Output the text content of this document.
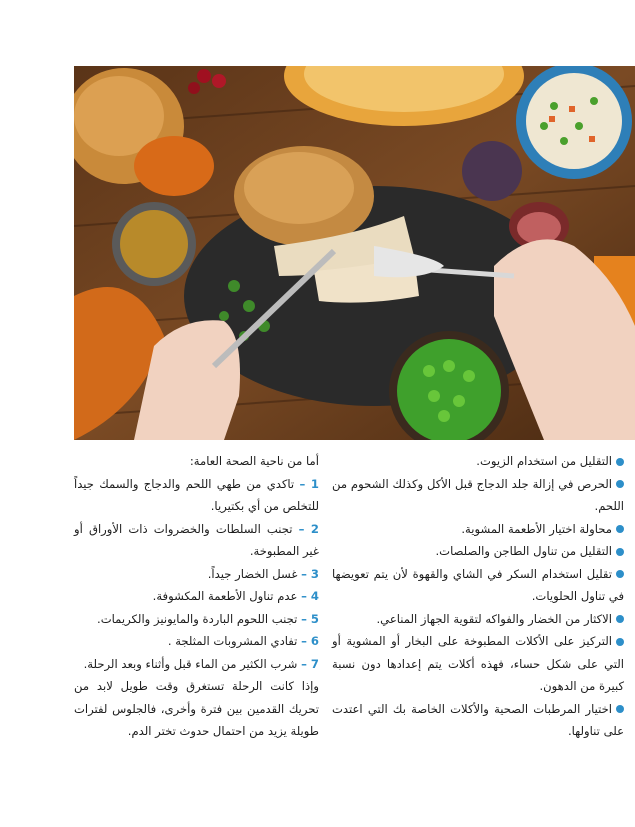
التقليل من استخدام الزيوت.

الحرص في إزالة جلد الدجاج قبل الأكل وكذلك الشحوم من اللحم.

محاولة اختيار الأطعمة المشوية.

التقليل من تناول الطاجن والصلصات.

تقليل استخدام السكر في الشاي والقهوة لأن يتم تعويضها في تناول الحلويات.

الاكثار من الخضار والفواكه لتقوية الجهاز المناعي.

التركيز على الأكلات المطبوخة على البخار أو المشوية أو التي على شكل حساء، فهذه أكلات يتم إعدادها دون نسبة كبيرة من الدهون.

اختيار المرطبات الصحية والأكلات الخاصة بك التي اعتدت على تناولها.

أما من ناحية الصحة العامة:

1 – تاكدي من طهي اللحم والدجاج والسمك جيداً للتخلص من أي بكتيريا.

2 – تجنب السلطات والخضروات ذات الأوراق أو غير المطبوخة.

3 – غسل الخضار جيداً.

4 – عدم تناول الأطعمة المكشوفة.

5 – تجنب اللحوم الباردة والمايونيز والكريمات.

6 – تفادي المشروبات المثلجة .

7 – شرب الكثير من الماء قبل وأثناء وبعد الرحلة.

وإذا كانت الرحلة تستغرق وقت طويل لابد من تحريك القدمين بين فترة وأخرى، فالجلوس لفترات طويلة يزيد من احتمال حدوث تختر الدم.
